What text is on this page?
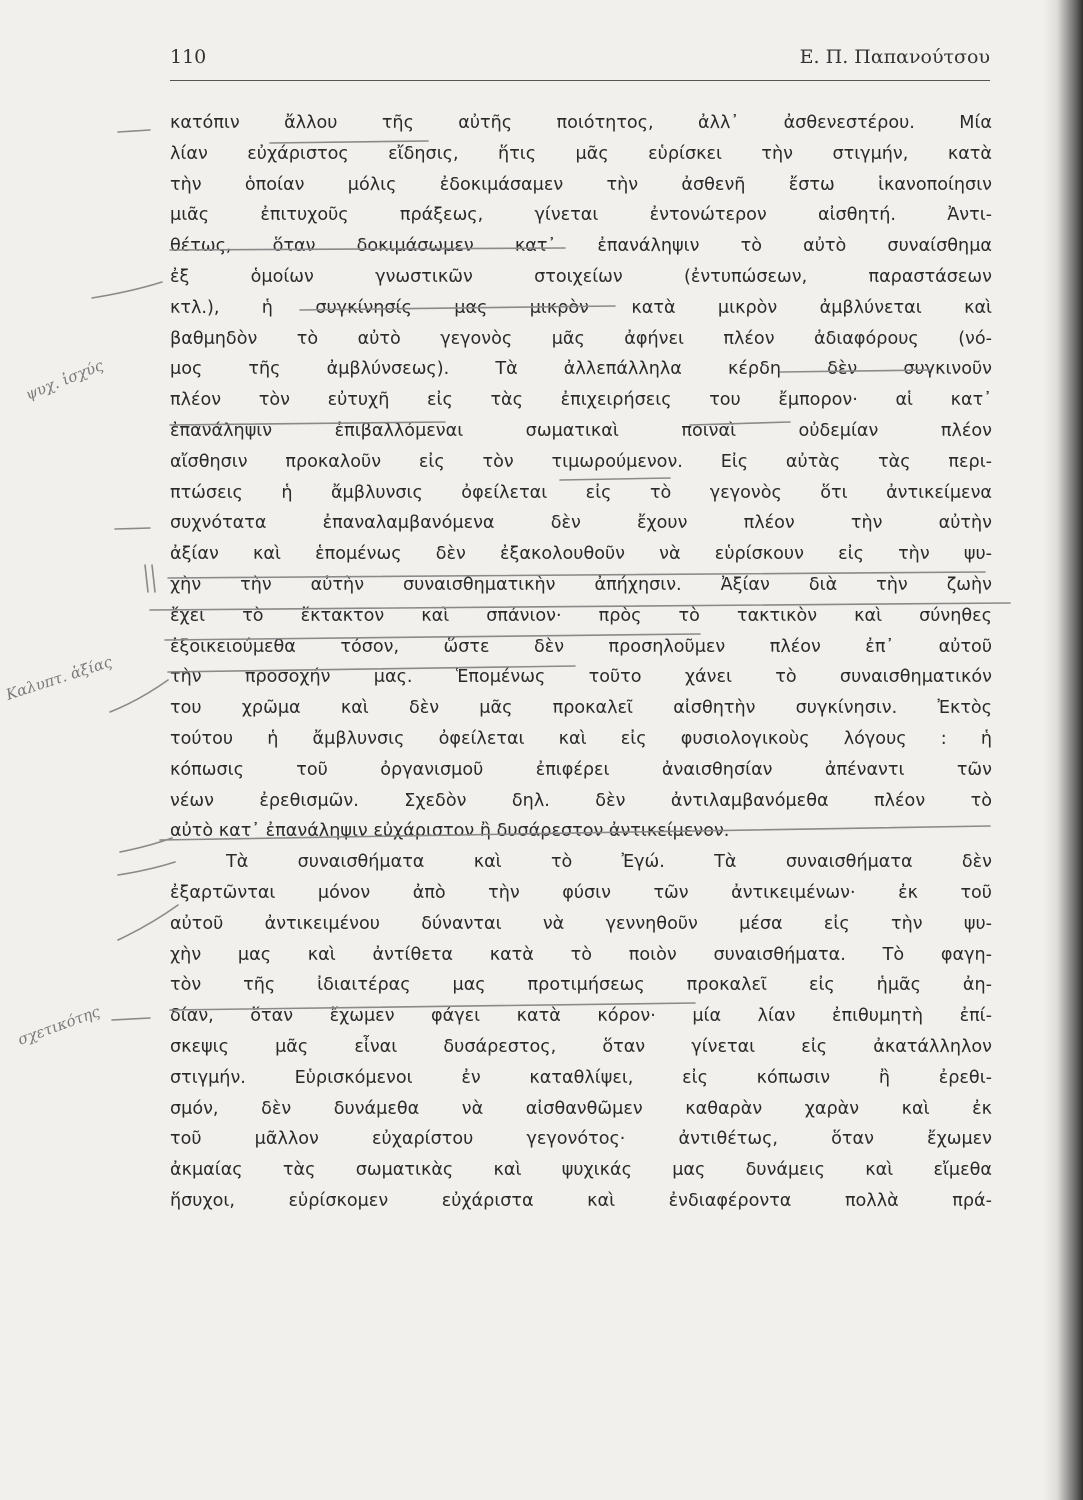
110	Ε. Π. Παπανούτσου
κατόπιν ἄλλου τῆς αὐτῆς ποιότητος, ἀλλ᾽ ἀσθενεστέρου. Μία
λίαν εὐχάριστος εἴδησις, ἥτις μᾶς εὑρίσκει τὴν στιγμήν, κατὰ
τὴν ὁποίαν μόλις ἐδοκιμάσαμεν τὴν ἀσθενῆ ἔστω ἱκανοποίησιν
μιᾶς ἐπιτυχοῦς πράξεως, γίνεται ἐντονώτερον αἰσθητή. Ἀντι-
θέτως, ὅταν δοκιμάσωμεν κατ᾽ ἐπανάληψιν τὸ αὐτὸ συναίσθημα
ἐξ ὁμοίων γνωστικῶν στοιχείων (ἐντυπώσεων, παραστάσεων
κτλ.), ἡ συγκίνησίς μας μικρὸν κατὰ μικρὸν ἀμβλύνεται καὶ
βαθμηδὸν τὸ αὐτὸ γεγονὸς μᾶς ἀφήνει πλέον ἀδιαφόρους (νό-
μος τῆς ἀμβλύνσεως). Τὰ ἀλλεπάλληλα κέρδη δὲν συγκινοῦν
πλέον τὸν εὐτυχῆ εἰς τὰς ἐπιχειρήσεις του ἔμπορον· αἱ κατ᾽
ἐπανάληψιν ἐπιβαλλόμεναι σωματικαὶ ποιναὶ οὐδεμίαν πλέον
αἴσθησιν προκαλοῦν εἰς τὸν τιμωρούμενον. Εἰς αὐτὰς τὰς περι-
πτώσεις ἡ ἄμβλυνσις ὀφείλεται εἰς τὸ γεγονὸς ὅτι ἀντικείμενα
συχνότατα ἐπαναλαμβανόμενα δὲν ἔχουν πλέον τὴν αὐτὴν
ἀξίαν καὶ ἑπομένως δὲν ἐξακολουθοῦν νὰ εὑρίσκουν εἰς τὴν ψυ-
χὴν τὴν αὐτὴν συναισθηματικὴν ἀπήχησιν. Ἀξίαν διὰ τὴν ζωὴν
ἔχει τὸ ἔκτακτον καὶ σπάνιον· πρὸς τὸ τακτικὸν καὶ σύνηθες
ἐξοικειούμεθα τόσον, ὥστε δὲν προσηλοῦμεν πλέον ἐπ᾽ αὐτοῦ
τὴν προσοχήν μας. Ἑπομένως τοῦτο χάνει τὸ συναισθηματικόν
του χρῶμα καὶ δὲν μᾶς προκαλεῖ αἰσθητὴν συγκίνησιν. Ἐκτὸς
τούτου ἡ ἄμβλυνσις ὀφείλεται καὶ εἰς φυσιολογικοὺς λόγους : ἡ
κόπωσις τοῦ ὀργανισμοῦ ἐπιφέρει ἀναισθησίαν ἀπέναντι τῶν
νέων ἐρεθισμῶν. Σχεδὸν δηλ. δὲν ἀντιλαμβανόμεθα πλέον τὸ
αὐτὸ κατ᾽ ἐπανάληψιν εὐχάριστον ἢ δυσάρεστον ἀντικείμενον.
Τὰ συναισθήματα καὶ τὸ Ἐγώ. Τὰ συναισθήματα δὲν
ἐξαρτῶνται μόνον ἀπὸ τὴν φύσιν τῶν ἀντικειμένων· ἐκ τοῦ
αὐτοῦ ἀντικειμένου δύνανται νὰ γεννηθοῦν μέσα εἰς τὴν ψυ-
χὴν μας καὶ ἀντίθετα κατὰ τὸ ποιὸν συναισθήματα. Τὸ φαγη-
τὸν τῆς ἰδιαιτέρας μας προτιμήσεως προκαλεῖ εἰς ἡμᾶς ἀη-
δίαν, ὅταν ἔχωμεν φάγει κατὰ κόρον· μία λίαν ἐπιθυμητὴ ἐπί-
σκεψις μᾶς εἶναι δυσάρεστος, ὅταν γίνεται εἰς ἀκατάλληλον
στιγμήν. Εὑρισκόμενοι ἐν καταθλίψει, εἰς κόπωσιν ἢ ἐρεθι-
σμόν, δὲν δυνάμεθα νὰ αἰσθανθῶμεν καθαρὰν χαρὰν καὶ ἐκ
τοῦ μᾶλλον εὐχαρίστου γεγονότος· ἀντιθέτως, ὅταν ἔχωμεν
ἀκμαίας τὰς σωματικὰς καὶ ψυχικάς μας δυνάμεις καὶ εἴμεθα
ἥσυχοι, εὑρίσκομεν εὐχάριστα καὶ ἐνδιαφέροντα πολλὰ πρά-
ψυχ. ἰσχύς
Καλυπτ. ἀξίας
σχετικότης
